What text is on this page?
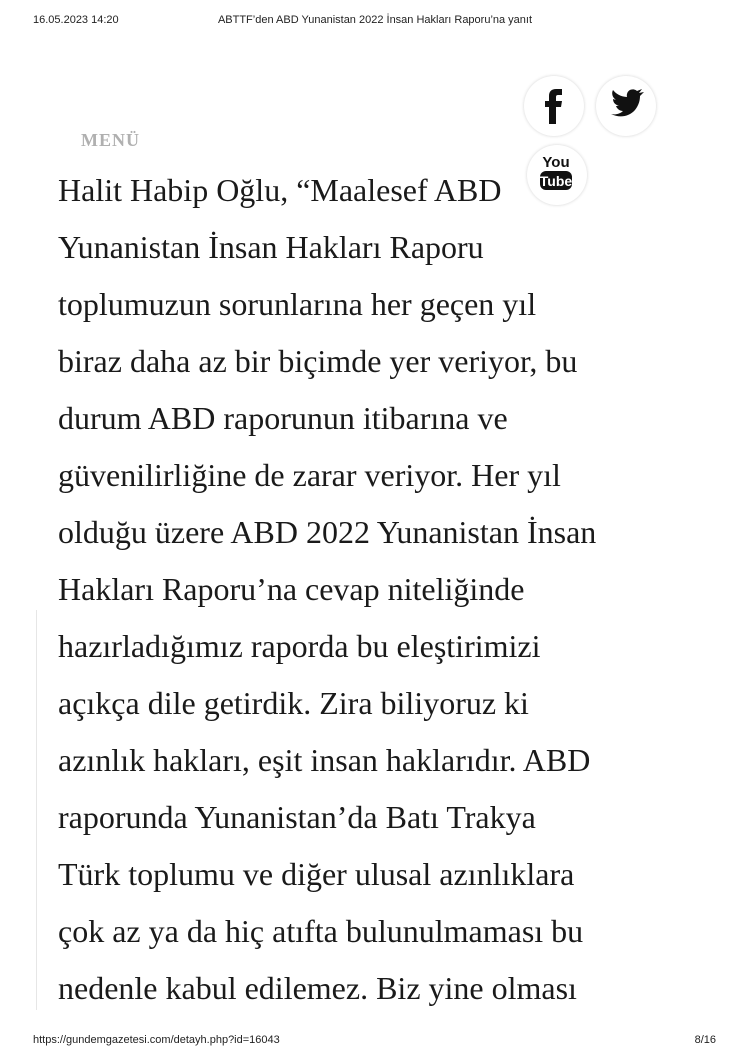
16.05.2023 14:20	ABTTF’den ABD Yunanistan 2022 İnsan Hakları Raporu’na yanıt
MENÜ
You
Tube

Halit Habip Oğlu, “Maalesef ABD

Yunanistan İnsan Hakları Raporu

toplumuzun sorunlarına her geçen yıl

biraz daha az bir biçimde yer veriyor, bu

durum ABD raporunun itibarına ve

güvenilirliğine de zarar veriyor. Her yıl

olduğu üzere ABD 2022 Yunanistan İnsan

Hakları Raporu’na cevap niteliğinde

hazırladığımız raporda bu eleştirimizi

açıkça dile getirdik. Zira biliyoruz ki

azınlık hakları, eşit insan haklarıdır. ABD

raporunda Yunanistan’da Batı Trakya

Türk toplumu ve diğer ulusal azınlıklara

çok az ya da hiç atıfta bulunulmaması bu

nedenle kabul edilemez. Biz yine olması

https://gundemgazetesi.com/detayh.php?id=16043	8/16
